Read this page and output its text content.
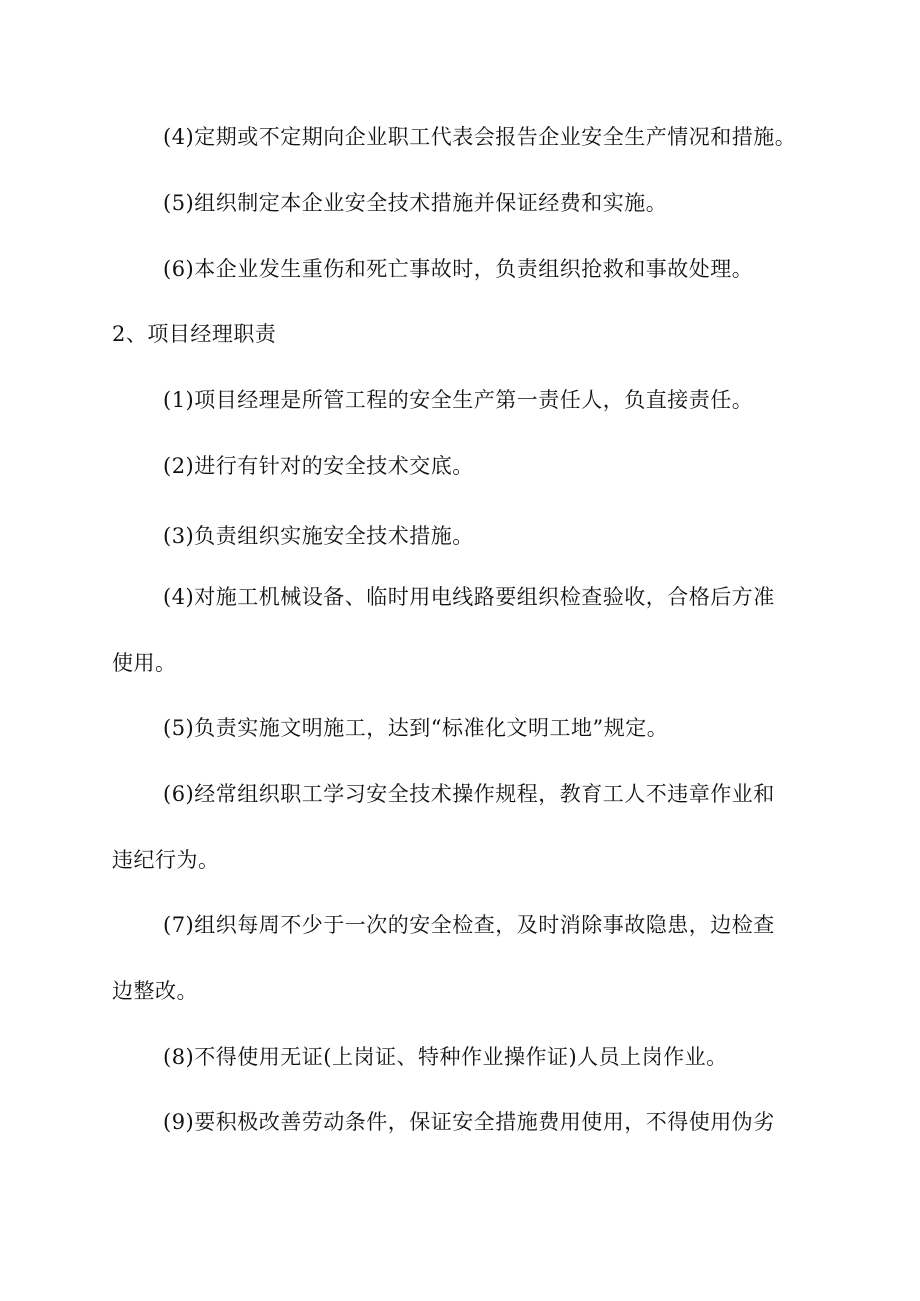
(4)定期或不定期向企业职工代表会报告企业安全生产情况和措施。
(5)组织制定本企业安全技术措施并保证经费和实施。
(6)本企业发生重伤和死亡事故时，负责组织抢救和事故处理。
2、项目经理职责
(1)项目经理是所管工程的安全生产第一责任人，负直接责任。
(2)进行有针对的安全技术交底。
(3)负责组织实施安全技术措施。
(4)对施工机械设备、临时用电线路要组织检查验收，合格后方准
使用。
(5)负责实施文明施工，达到“标准化文明工地”规定。
(6)经常组织职工学习安全技术操作规程，教育工人不违章作业和
违纪行为。
(7)组织每周不少于一次的安全检查，及时消除事故隐患，边检查
边整改。
(8)不得使用无证(上岗证、特种作业操作证)人员上岗作业。
(9)要积极改善劳动条件，保证安全措施费用使用，不得使用伪劣
